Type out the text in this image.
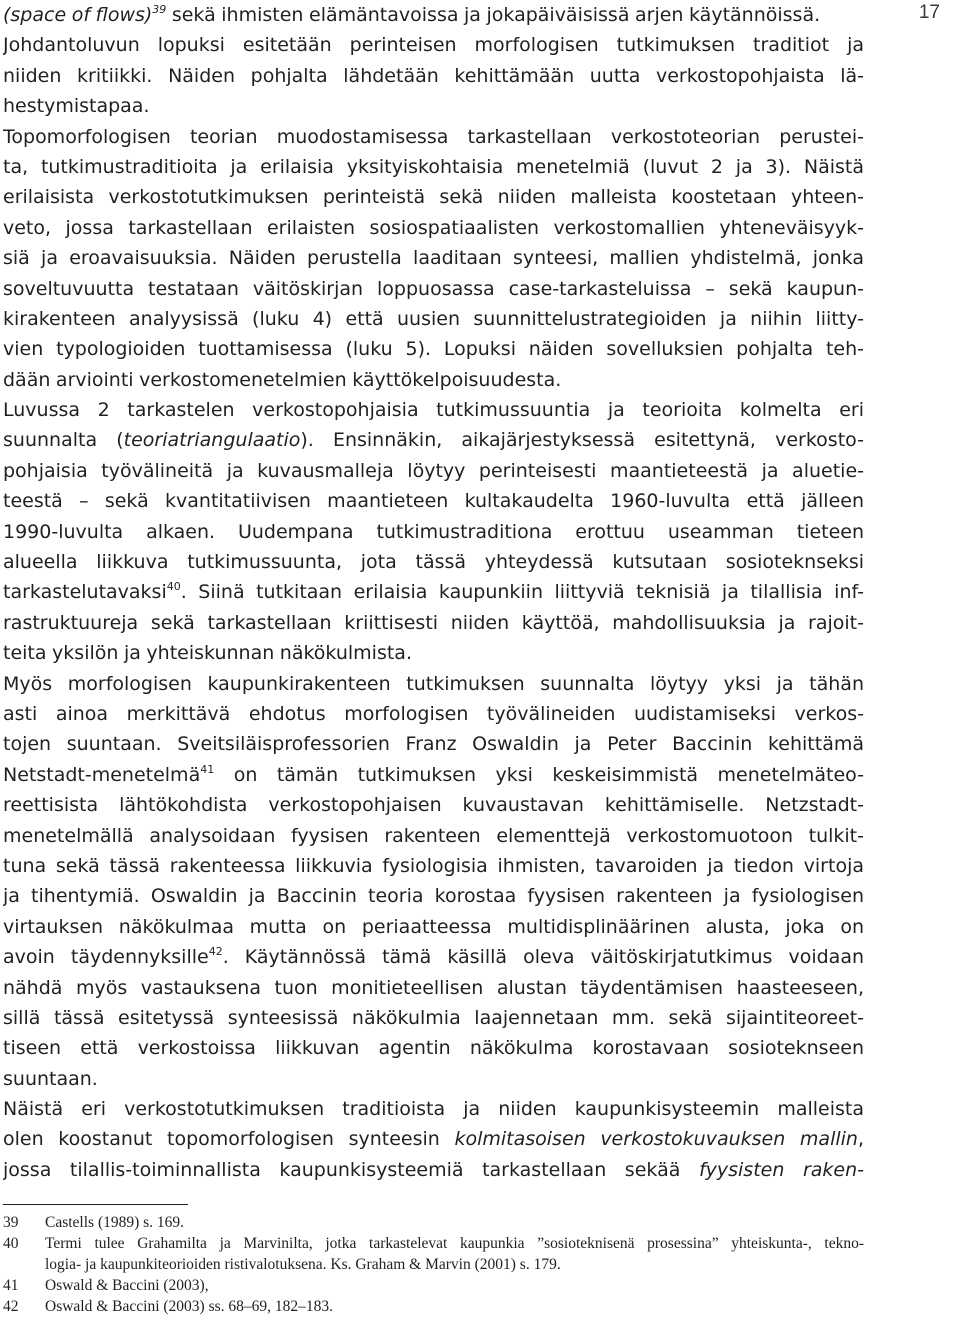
17
(space of flows)$^{39}$ sekä ihmisten elämäntavoissa ja jokapäiväisissä arjen käytännöissä.
Johdantoluvun lopuksi esitetään perinteisen morfologisen tutkimuksen traditiot ja
niiden kritiikki. Näiden pohjalta lähdetään kehittämään uutta verkostopohjaista lä-
hestymistapaa.
Topomorfologisen teorian muodostamisessa tarkastellaan verkostoteorian perustei-
ta, tutkimustraditioita ja erilaisia yksityiskohtaisia menetelmiä (luvut 2 ja 3). Näistä
erilaisista verkostotutkimuksen perinteistä sekä niiden malleista koostetaan yhteen-
veto, jossa tarkastellaan erilaisten sosiospatiaalisten verkostomallien yhteneväisyyk-
siä ja eroavaisuuksia. Näiden perustella laaditaan synteesi, mallien yhdistelmä, jonka
soveltuvuutta testataan väitöskirjan loppuosassa case-tarkasteluissa – sekä kaupun-
kirakenteen analyysissä (luku 4) että uusien suunnittelustrategioiden ja niihin liitty-
vien typologioiden tuottamisessa (luku 5). Lopuksi näiden sovelluksien pohjalta teh-
dään arviointi verkostomenetelmien käyttökelpoisuudesta.
Luvussa 2 tarkastelen verkostopohjaisia tutkimussuuntia ja teorioita kolmelta eri
suunnalta (teoriatriangulaatio). Ensinnäkin, aikajärjestyksessä esitettynä, verkosto-
pohjaisia työvälineitä ja kuvausmalleja löytyy perinteisesti maantieteestä ja aluetie-
teestä – sekä kvantitatiivisen maantieteen kultakaudelta 1960-luvulta että jälleen
1990-luvulta alkaen. Uudempana tutkimustraditiona erottuu useamman tieteen
alueella liikkuva tutkimussuunta, jota tässä yhteydessä kutsutaan sosioteknseksi
tarkastelutavaksi$^{40}$. Siinä tutkitaan erilaisia kaupunkiin liittyviä teknisiä ja tilallisia inf-
rastruktuureja sekä tarkastellaan kriittisesti niiden käyttöä, mahdollisuuksia ja rajoit-
teita yksilön ja yhteiskunnan näkökulmista.
Myös morfologisen kaupunkirakenteen tutkimuksen suunnalta löytyy yksi ja tähän
asti ainoa merkittävä ehdotus morfologisen työvälineiden uudistamiseksi verkos-
tojen suuntaan. Sveitsiläisprofessorien Franz Oswaldin ja Peter Baccinin kehittämä
Netstadt-menetelmä$^{41}$ on tämän tutkimuksen yksi keskeisimmistä menetelmäteo-
reettisista lähtökohdista verkostopohjaisen kuvaustavan kehittämiselle. Netzstadt-
menetelmällä analysoidaan fyysisen rakenteen elementtejä verkostomuotoon tulkit-
tuna sekä tässä rakenteessa liikkuvia fysiologisia ihmisten, tavaroiden ja tiedon virtoja
ja tihentymiä. Oswaldin ja Baccinin teoria korostaa fyysisen rakenteen ja fysiologisen
virtauksen näkökulmaa mutta on periaatteessa multidisplinäärinen alusta, joka on
avoin täydennyksille$^{42}$. Käytännössä tämä käsillä oleva väitöskirjatutkimus voidaan
nähdä myös vastauksena tuon monitieteellisen alustan täydentämisen haasteeseen,
sillä tässä esitetyssä synteesissä näkökulmia laajennetaan mm. sekä sijaintiteoreet-
tiseen että verkostoissa liikkuvan agentin näkökulma korostavaan sosioteknseen
suuntaan.
Näistä eri verkostotutkimuksen traditioista ja niiden kaupunkisysteemin malleista
olen koostanut topomorfologisen synteesin kolmitasoisen verkostokuvauksen mallin,
jossa tilallis-toiminnallista kaupunkisysteemiä tarkastellaan sekää fyysisten raken-
39	Castells (1989) s. 169.
40	Termi tulee Grahamilta ja Marvinilta, jotka tarkastelevat kaupunkia ”sosioteknisenä prosessina” yhteiskunta-, tekno-
logia- ja kaupunkiteorioiden ristivalotuksena. Ks. Graham & Marvin (2001) s. 179.
41	Oswald & Baccini (2003),
42	Oswald & Baccini (2003) ss. 68–69, 182–183.
